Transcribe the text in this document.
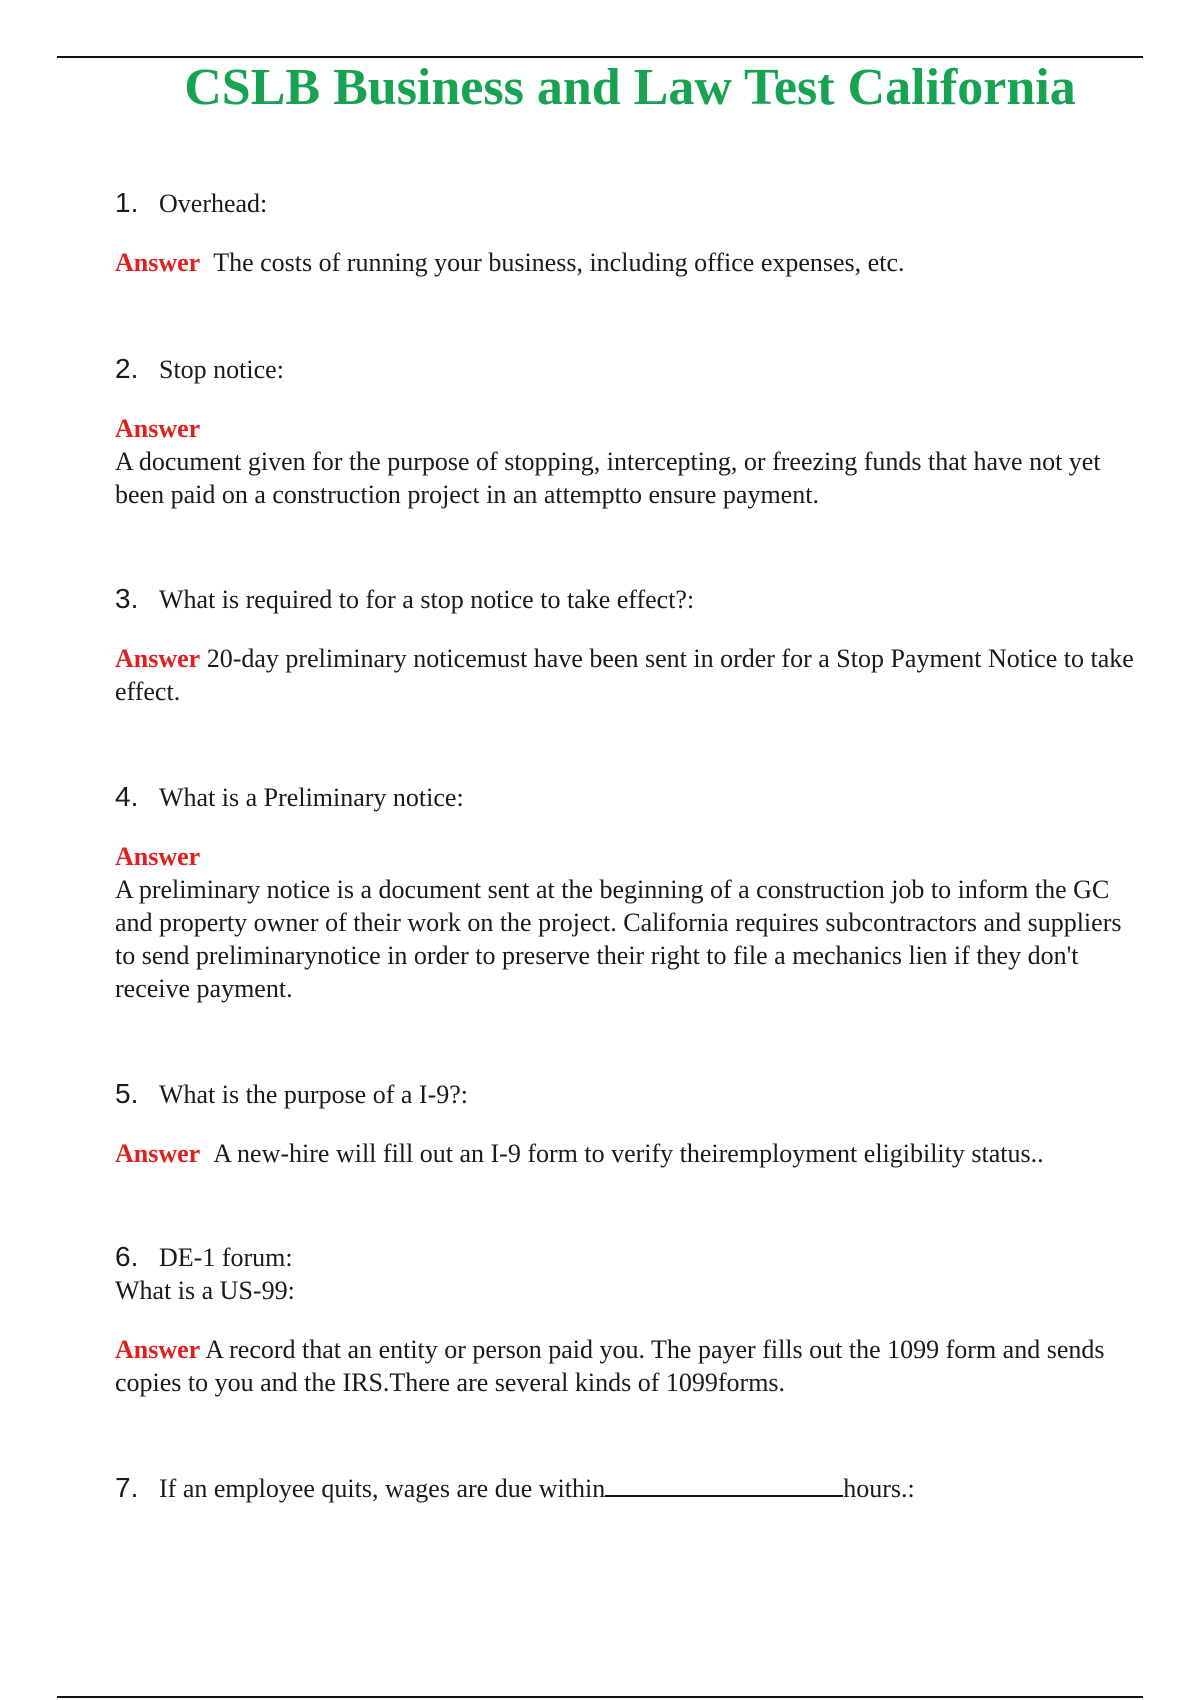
CSLB Business and Law Test California

1. Overhead:

Answer The costs of running your business, including office expenses, etc.

2. Stop notice:

Answer
A document given for the purpose of stopping, intercepting, or freezing funds that have not yet been paid on a construction project in an attemptto ensure payment.

3. What is required to for a stop notice to take effect?:

Answer 20-day preliminary noticemust have been sent in order for a Stop Payment Notice to take effect.

4. What is a Preliminary notice:

Answer
A preliminary notice is a document sent at the beginning of a construction job to inform the GC and property owner of their work on the project. California requires subcontractors and suppliers to send preliminarynotice in order to preserve their right to file a mechanics lien if they don't receive payment.

5. What is the purpose of a I-9?:

Answer A new-hire will fill out an I-9 form to verify theiremployment eligibility status..

6. DE-1 forum:

What is a US-99:

Answer A record that an entity or person paid you. The payer fills out the 1099 form and sends copies to you and the IRS.There are several kinds of 1099forms.

7. If an employee quits, wages are due within	hours.:
